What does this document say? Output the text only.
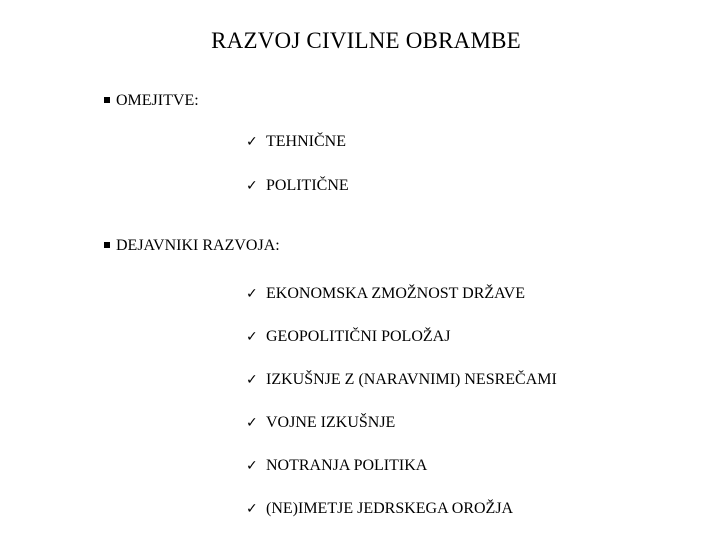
RAZVOJ CIVILNE OBRAMBE
OMEJITVE:
✓ TEHNIČNE
✓ POLITIČNE
DEJAVNIKI RAZVOJA:
✓ EKONOMSKA ZMOŽNOST DRŽAVE
✓ GEOPOLITIČNI POLOŽAJ
✓ IZKUŠNJE Z (NARAVNIMI) NESREČAMI
✓ VOJNE IZKUŠNJE
✓ NOTRANJA POLITIKA
✓ (NE)IMETJE JEDRSKEGA OROŽJA
